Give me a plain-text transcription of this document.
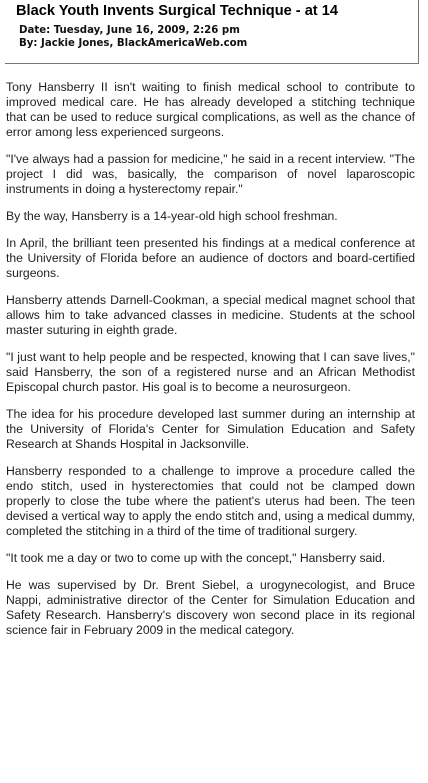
Black Youth Invents Surgical Technique - at 14
Date: Tuesday, June 16, 2009, 2:26 pm
By: Jackie Jones, BlackAmericaWeb.com

Tony Hansberry II isn't waiting to finish medical school to contribute to improved medical care. He has already developed a stitching technique that can be used to reduce surgical complications, as well as the chance of error among less experienced surgeons.

"I've always had a passion for medicine," he said in a recent interview. "The project I did was, basically, the comparison of novel laparoscopic instruments in doing a hysterectomy repair."

By the way, Hansberry is a 14-year-old high school freshman.

In April, the brilliant teen presented his findings at a medical conference at the University of Florida before an audience of doctors and board-certified surgeons.

Hansberry attends Darnell-Cookman, a special medical magnet school that allows him to take advanced classes in medicine. Students at the school master suturing in eighth grade.

"I just want to help people and be respected, knowing that I can save lives," said Hansberry, the son of a registered nurse and an African Methodist Episcopal church pastor. His goal is to become a neurosurgeon.

The idea for his procedure developed last summer during an internship at the University of Florida's Center for Simulation Education and Safety Research at Shands Hospital in Jacksonville.

Hansberry responded to a challenge to improve a procedure called the endo stitch, used in hysterectomies that could not be clamped down properly to close the tube where the patient's uterus had been. The teen devised a vertical way to apply the endo stitch and, using a medical dummy, completed the stitching in a third of the time of traditional surgery.

"It took me a day or two to come up with the concept," Hansberry said.

He was supervised by Dr. Brent Siebel, a urogynecologist, and Bruce Nappi, administrative director of the Center for Simulation Education and Safety Research. Hansberry's discovery won second place in its regional science fair in February 2009 in the medical category.
